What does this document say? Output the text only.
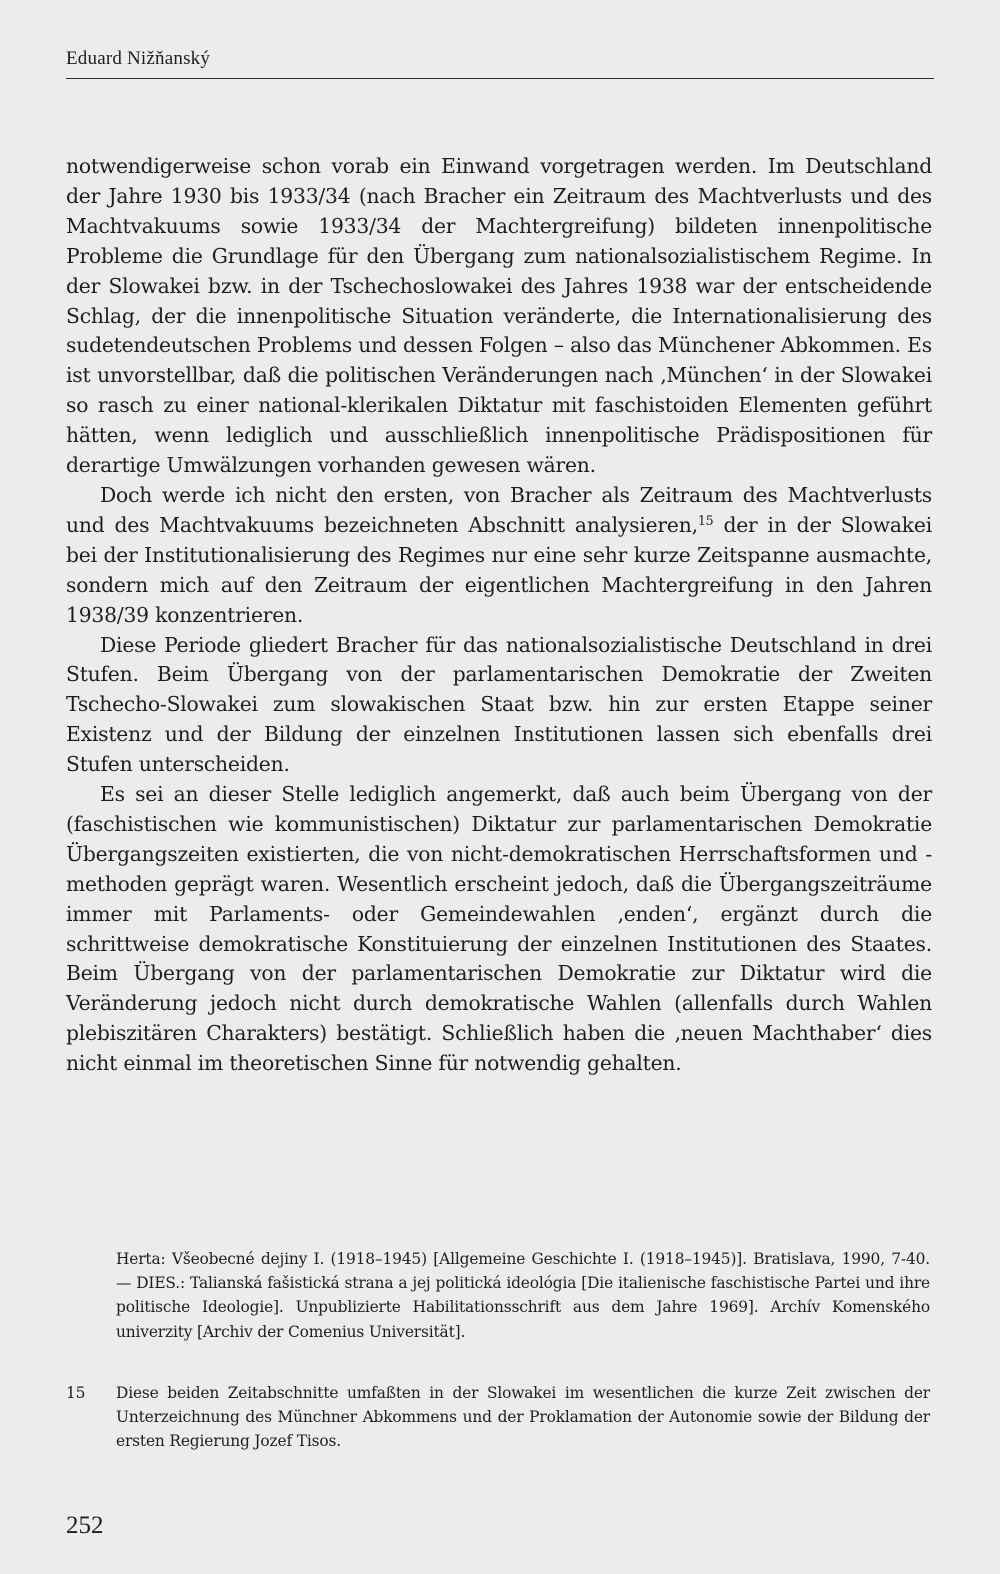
Eduard Nižňanský

notwendigerweise schon vorab ein Einwand vorgetragen werden. Im Deutschland der Jahre 1930 bis 1933/34 (nach Bracher ein Zeitraum des Machtverlusts und des Machtvakuums sowie 1933/34 der Machtergreifung) bildeten innenpolitische Probleme die Grundlage für den Übergang zum nationalsozialistischem Regime. In der Slowakei bzw. in der Tschechoslowakei des Jahres 1938 war der entscheidende Schlag, der die innenpolitische Situation veränderte, die Internationalisierung des sudetendeutschen Problems und dessen Folgen – also das Münchener Abkommen. Es ist unvorstellbar, daß die politischen Veränderungen nach ‚München‘ in der Slowakei so rasch zu einer national-klerikalen Diktatur mit faschistoiden Elementen geführt hätten, wenn lediglich und ausschließlich innenpolitische Prädispositionen für derartige Umwälzungen vorhanden gewesen wären.

Doch werde ich nicht den ersten, von Bracher als Zeitraum des Machtverlusts und des Machtvakuums bezeichneten Abschnitt analysieren,$^{15}$ der in der Slowakei bei der Institutionalisierung des Regimes nur eine sehr kurze Zeitspanne ausmachte, sondern mich auf den Zeitraum der eigentlichen Machtergreifung in den Jahren 1938/39 konzentrieren.

Diese Periode gliedert Bracher für das nationalsozialistische Deutschland in drei Stufen. Beim Übergang von der parlamentarischen Demokratie der Zweiten Tschecho-Slowakei zum slowakischen Staat bzw. hin zur ersten Etappe seiner Existenz und der Bildung der einzelnen Institutionen lassen sich ebenfalls drei Stufen unterscheiden.

Es sei an dieser Stelle lediglich angemerkt, daß auch beim Übergang von der (faschistischen wie kommunistischen) Diktatur zur parlamentarischen Demokratie Übergangszeiten existierten, die von nicht-demokratischen Herrschaftsformen und -methoden geprägt waren. Wesentlich erscheint jedoch, daß die Übergangszeiträume immer mit Parlaments- oder Gemeindewahlen ‚enden‘, ergänzt durch die schrittweise demokratische Konstituierung der einzelnen Institutionen des Staates. Beim Übergang von der parlamentarischen Demokratie zur Diktatur wird die Veränderung jedoch nicht durch demokratische Wahlen (allenfalls durch Wahlen plebiszitären Charakters) bestätigt. Schließlich haben die ‚neuen Machthaber‘ dies nicht einmal im theoretischen Sinne für notwendig gehalten.

Herta: Všeobecné dejiny I. (1918–1945) [Allgemeine Geschichte I. (1918–1945)]. Bratislava, 1990, 7-40. — DIES.: Talianská fašistická strana a jej politická ideológia [Die italienische faschistische Partei und ihre politische Ideologie]. Unpublizierte Habilitationsschrift aus dem Jahre 1969]. Archív Komenského univerzity [Archiv der Comenius Universität].
15	Diese beiden Zeitabschnitte umfaßten in der Slowakei im wesentlichen die kurze Zeit zwischen der Unterzeichnung des Münchner Abkommens und der Proklamation der Autonomie sowie der Bildung der ersten Regierung Jozef Tisos.
252
